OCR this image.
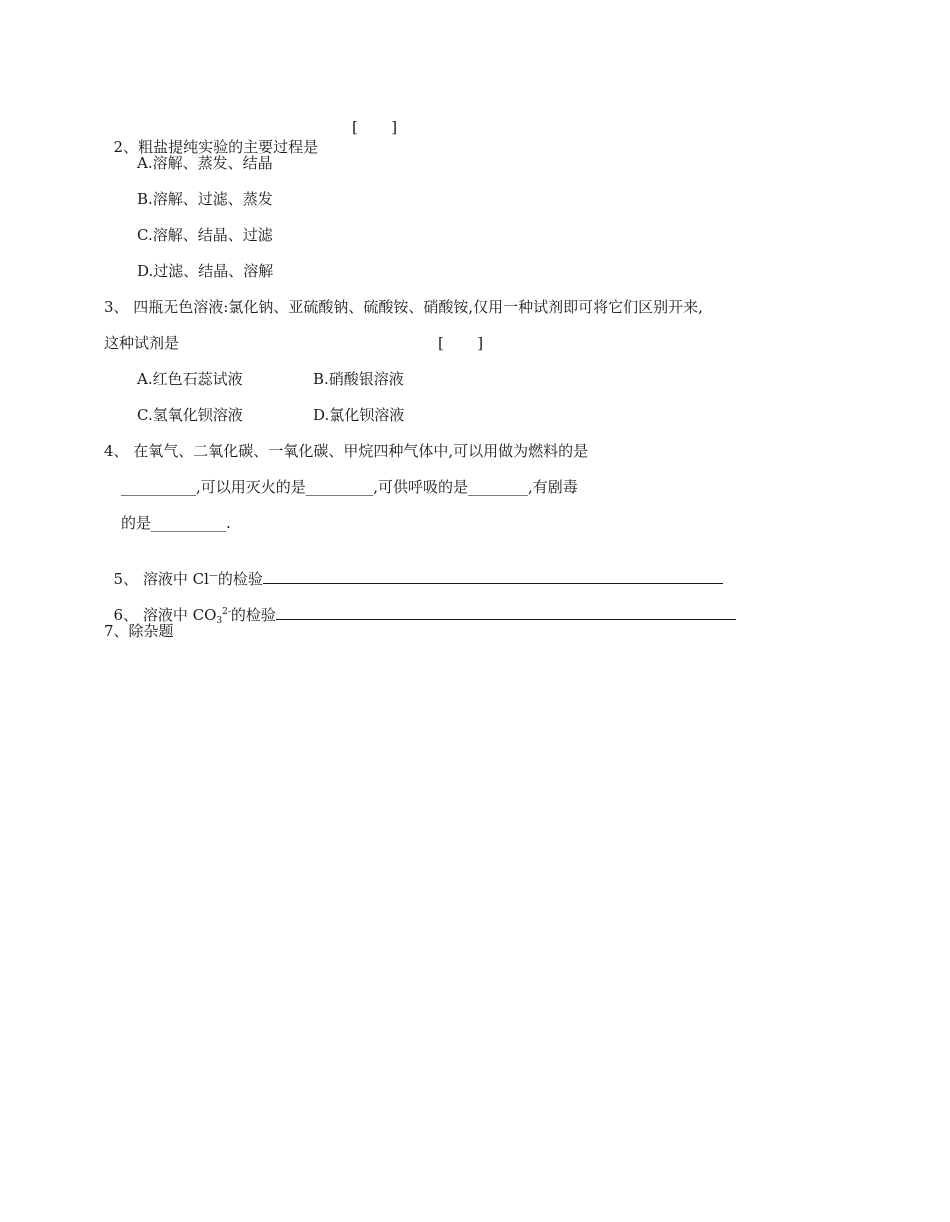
2、粗盐提纯实验的主要过程是

[       ]
A.溶解、蒸发、结晶
B.溶解、过滤、蒸发
C.溶解、结晶、过滤
D.过滤、结晶、溶解
3、 四瓶无色溶液:氯化钠、亚硫酸钠、硫酸铵、硝酸铵,仅用一种试剂即可将它们区别开来,
这种试剂是	[       ]
A.红色石蕊试液	B.硝酸银溶液
C.氢氧化钡溶液	D.氯化钡溶液
4、 在氧气、二氧化碳、一氧化碳、甲烷四种气体中,可以用做为燃料的是
__________,可以用灭火的是_________,可供呼吸的是________,有剧毒
的是__________.

5、 溶液中 Cl—的检验

6、 溶液中 $CO_3^{2-}$的检验

7、除杂题
